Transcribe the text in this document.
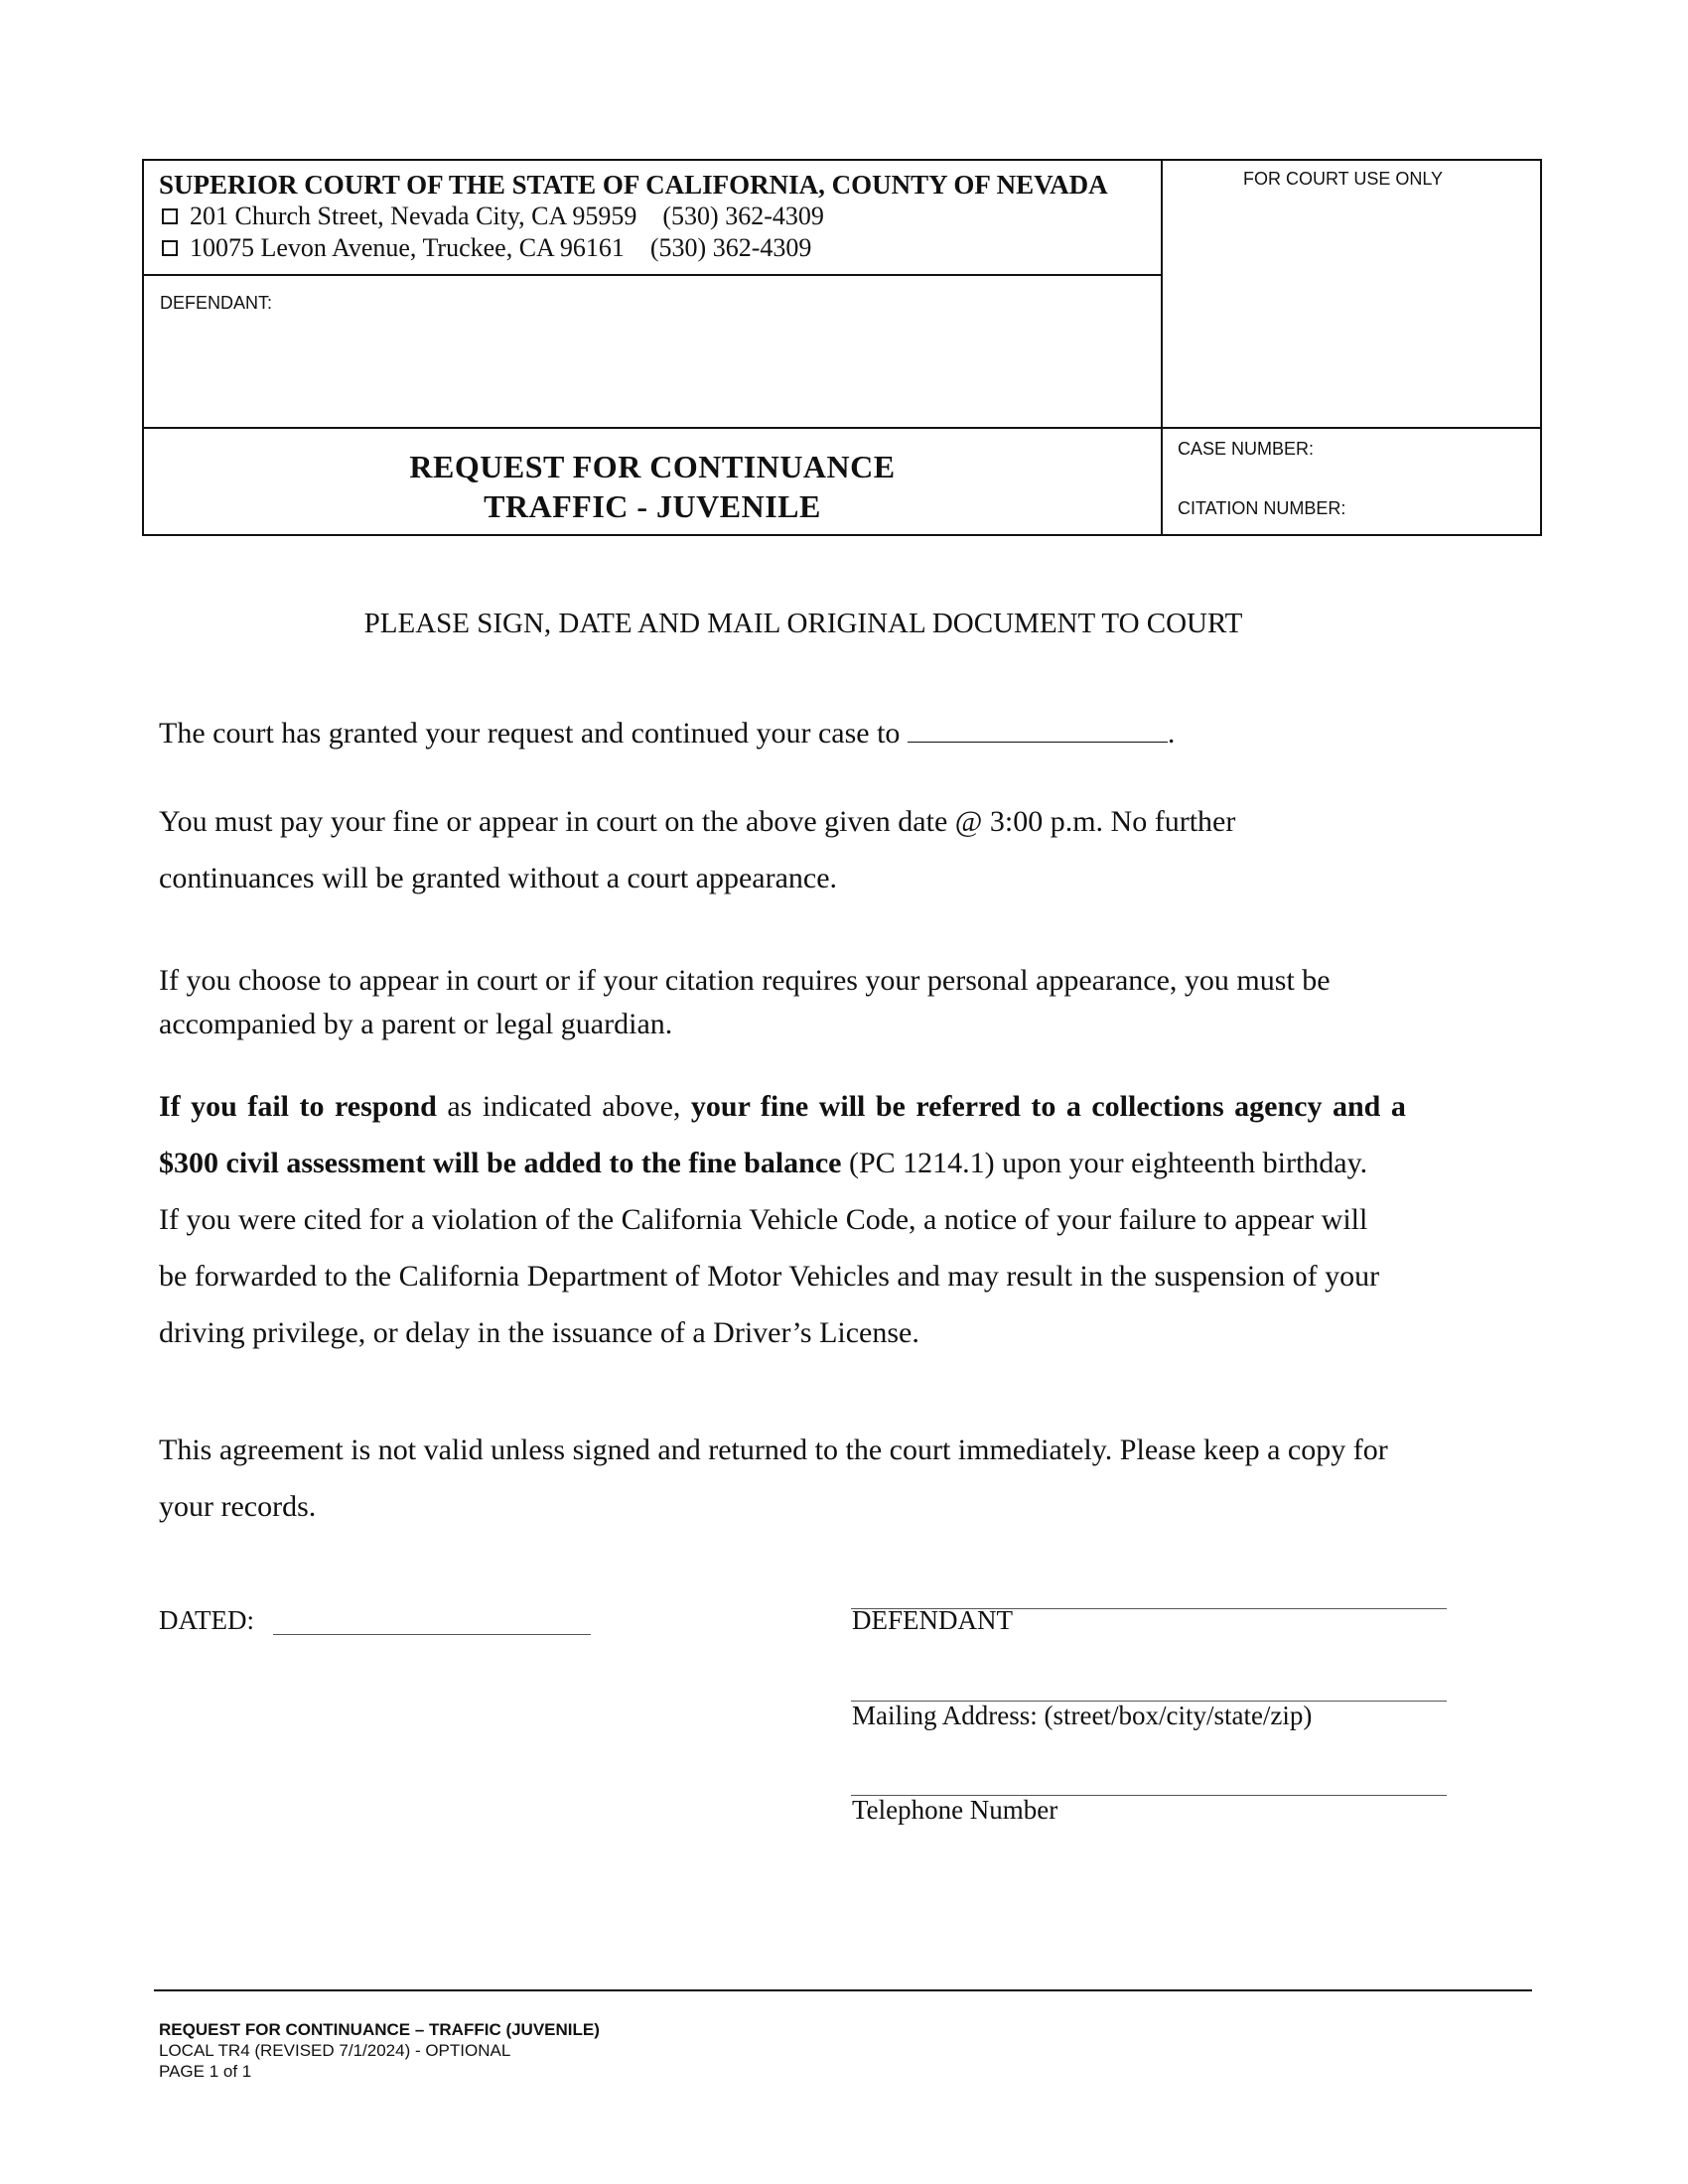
SUPERIOR COURT OF THE STATE OF CALIFORNIA, COUNTY OF NEVADA
201 Church Street, Nevada City, CA 95959 (530) 362-4309
10075 Levon Avenue, Truckee, CA 96161 (530) 362-4309
FOR COURT USE ONLY
DEFENDANT:
REQUEST FOR CONTINUANCE
TRAFFIC - JUVENILE
CASE NUMBER:
CITATION NUMBER:
PLEASE SIGN, DATE AND MAIL ORIGINAL DOCUMENT TO COURT
The court has granted your request and continued your case to	.
You must pay your fine or appear in court on the above given date @ 3:00 p.m. No further
continuances will be granted without a court appearance.
If you choose to appear in court or if your citation requires your personal appearance, you must be
accompanied by a parent or legal guardian.
If you fail to respond as indicated above, your fine will be referred to a collections agency and a
$300 civil assessment will be added to the fine balance (PC 1214.1) upon your eighteenth birthday.
If you were cited for a violation of the California Vehicle Code, a notice of your failure to appear will
be forwarded to the California Department of Motor Vehicles and may result in the suspension of your
driving privilege, or delay in the issuance of a Driver’s License.
This agreement is not valid unless signed and returned to the court immediately. Please keep a copy for
your records.
DATED:	DEFENDANT
Mailing Address: (street/box/city/state/zip)
Telephone Number
REQUEST FOR CONTINUANCE – TRAFFIC (JUVENILE)
LOCAL TR4 (REVISED 7/1/2024) - OPTIONAL
PAGE 1 of 1
